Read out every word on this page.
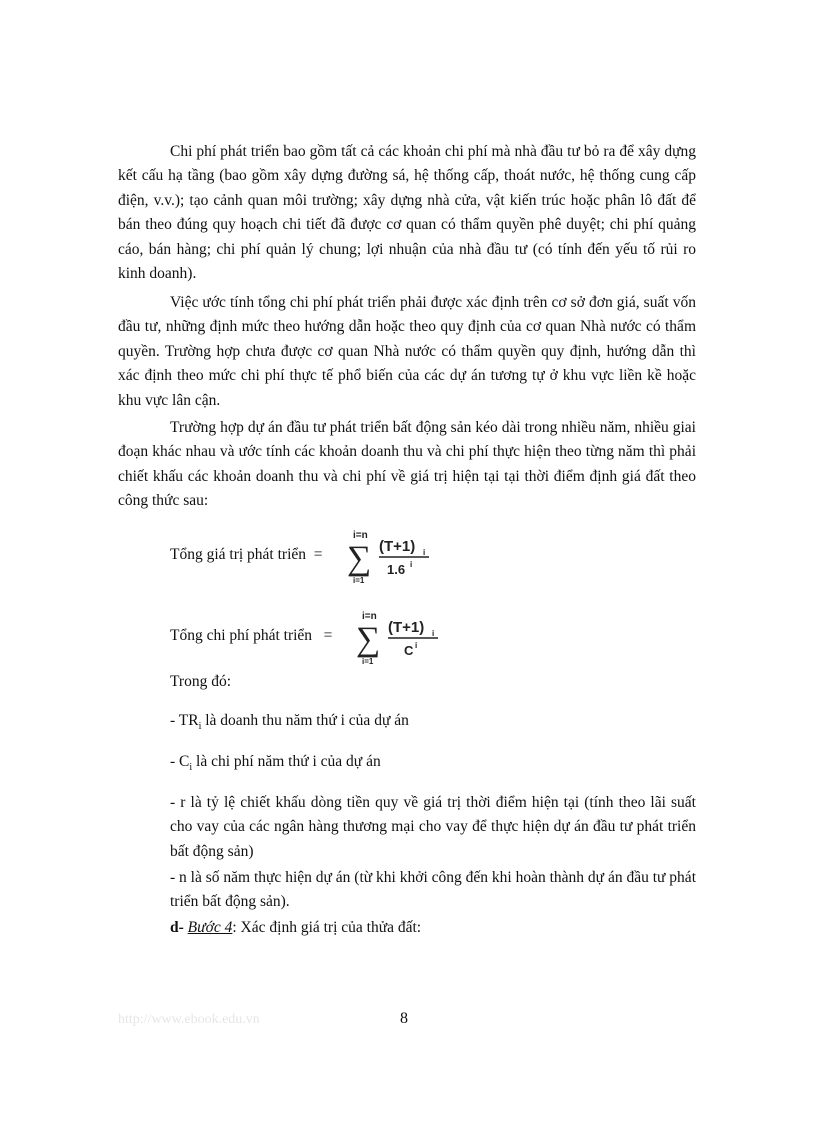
Chi phí phát triển bao gồm tất cả các khoản chi phí mà nhà đầu tư bỏ ra để xây dựng kết cấu hạ tầng (bao gồm xây dựng đường sá, hệ thống cấp, thoát nước, hệ thống cung cấp điện, v.v.); tạo cảnh quan môi trường; xây dựng nhà cửa, vật kiến trúc hoặc phân lô đất để bán theo đúng quy hoạch chi tiết đã được cơ quan có thẩm quyền phê duyệt; chi phí quảng cáo, bán hàng; chi phí quản lý chung; lợi nhuận của nhà đầu tư (có tính đến yếu tố rủi ro kinh doanh).

Việc ước tính tổng chi phí phát triển phải được xác định trên cơ sở đơn giá, suất vốn đầu tư, những định mức theo hướng dẫn hoặc theo quy định của cơ quan Nhà nước có thẩm quyền. Trường hợp chưa được cơ quan Nhà nước có thẩm quyền quy định, hướng dẫn thì xác định theo mức chi phí thực tế phổ biến của các dự án tương tự ở khu vực liền kề hoặc khu vực lân cận.

Trường hợp dự án đầu tư phát triển bất động sản kéo dài trong nhiều năm, nhiều giai đoạn khác nhau và ước tính các khoản doanh thu và chi phí thực hiện theo từng năm thì phải chiết khấu các khoản doanh thu và chi phí về giá trị hiện tại tại thời điểm định giá đất theo công thức sau:

Tổng giá trị phát triển  =
i=n
∑
i=1
(T+1) i
1.6 i
Tổng chi phí phát triển   =
i=n
∑
i=1
(T+1) i
C i

Trong đó:

- $TR_i$ là doanh thu năm thứ i của dự án

- $C_i$ là chi phí năm thứ i của dự án

- r là tỷ lệ chiết khấu dòng tiền quy về giá trị thời điểm hiện tại (tính theo lãi suất cho vay của các ngân hàng thương mại cho vay để thực hiện dự án đầu tư phát triển bất động sản)

- n là số năm thực hiện dự án (từ khi khởi công đến khi hoàn thành dự án đầu tư phát triển bất động sản).

d- Bước 4: Xác định giá trị của thửa đất:

http://www.ebook.edu.vn	8
